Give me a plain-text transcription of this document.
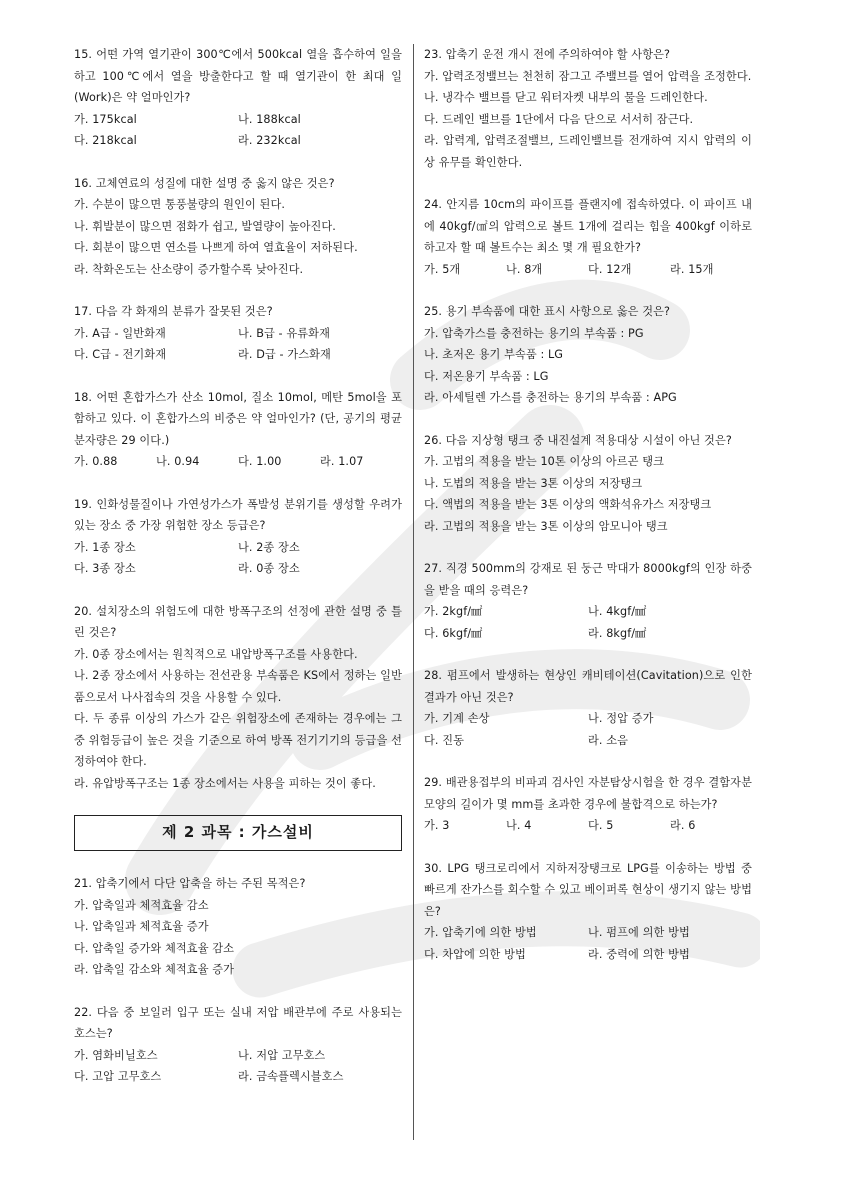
15. 어떤 가역 열기관이 300℃에서 500kcal 열을 흡수하여 일을 하고 100℃에서 열을 방출한다고 할 때 열기관이 한 최대 일(Work)은 약 얼마인가?
가. 175kcal	나. 188kcal
다. 218kcal	라. 232kcal
16. 고체연료의 성질에 대한 설명 중 옳지 않은 것은?
가. 수분이 많으면 통풍불량의 원인이 된다.
나. 휘발분이 많으면 점화가 쉽고, 발열량이 높아진다.
다. 회분이 많으면 연소를 나쁘게 하여 열효율이 저하된다.
라. 착화온도는 산소량이 증가할수록 낮아진다.
17. 다음 각 화재의 분류가 잘못된 것은?
가. A급 - 일반화재	나. B급 - 유류화재
다. C급 - 전기화재	라. D급 - 가스화재
18. 어떤 혼합가스가 산소 10mol, 질소 10mol, 메탄 5mol을 포함하고 있다. 이 혼합가스의 비중은 약 얼마인가? (단, 공기의 평균분자량은 29 이다.)
가. 0.88	나. 0.94	다. 1.00	라. 1.07
19. 인화성물질이나 가연성가스가 폭발성 분위기를 생성할 우려가 있는 장소 중 가장 위험한 장소 등급은?
가. 1종 장소	나. 2종 장소
다. 3종 장소	라. 0종 장소
20. 설치장소의 위험도에 대한 방폭구조의 선정에 관한 설명 중 틀린 것은?
가. 0종 장소에서는 원칙적으로 내압방폭구조를 사용한다.
나. 2종 장소에서 사용하는 전선관용 부속품은 KS에서 정하는 일반품으로서 나사접속의 것을 사용할 수 있다.
다. 두 종류 이상의 가스가 같은 위험장소에 존재하는 경우에는 그 중 위험등급이 높은 것을 기준으로 하여 방폭 전기기기의 등급을 선정하여야 한다.
라. 유압방폭구조는 1종 장소에서는 사용을 피하는 것이 좋다.
제 2 과목 : 가스설비
21. 압축기에서 다단 압축을 하는 주된 목적은?
가. 압축일과 체적효율 감소
나. 압축일과 체적효율 증가
다. 압축일 증가와 체적효율 감소
라. 압축일 감소와 체적효율 증가
22. 다음 중 보일러 입구 또는 실내 저압 배관부에 주로 사용되는 호스는?
가. 염화비닐호스	나. 저압 고무호스
다. 고압 고무호스	라. 금속플렉시블호스
23. 압축기 운전 개시 전에 주의하여야 할 사항은?
가. 압력조정밸브는 천천히 잠그고 주밸브를 열어 압력을 조정한다.
나. 냉각수 밸브를 닫고 워터자켓 내부의 물을 드레인한다.
다. 드레인 밸브를 1단에서 다음 단으로 서서히 잠근다.
라. 압력계, 압력조절밸브, 드레인밸브를 전개하여 지시 압력의 이상 유무를 확인한다.
24. 안지름 10cm의 파이프를 플랜지에 접속하였다. 이 파이프 내에 40kgf/㎠의 압력으로 볼트 1개에 걸리는 힘을 400kgf 이하로 하고자 할 때 볼트수는 최소 몇 개 필요한가?
가. 5개	나. 8개	다. 12개	라. 15개
25. 용기 부속품에 대한 표시 사항으로 옳은 것은?
가. 압축가스를 충전하는 용기의 부속품 : PG
나. 초저온 용기 부속품 : LG
다. 저온용기 부속품 : LG
라. 아세틸렌 가스를 충전하는 용기의 부속품 : APG
26. 다음 지상형 탱크 중 내진설계 적용대상 시설이 아닌 것은?
가. 고법의 적용을 받는 10톤 이상의 아르곤 탱크
나. 도법의 적용을 받는 3톤 이상의 저장탱크
다. 액법의 적용을 받는 3톤 이상의 액화석유가스 저장탱크
라. 고법의 적용을 받는 3톤 이상의 암모니아 탱크
27. 직경 500mm의 강재로 된 둥근 막대가 8000kgf의 인장 하중을 받을 때의 응력은?
가. 2kgf/㎟	나. 4kgf/㎟
다. 6kgf/㎟	라. 8kgf/㎟
28. 펌프에서 발생하는 현상인 캐비테이션(Cavitation)으로 인한 결과가 아닌 것은?
가. 기계 손상	나. 정압 증가
다. 진동	라. 소음
29. 배관용접부의 비파괴 검사인 자분탐상시험을 한 경우 결함자분모양의 길이가 몇 mm를 초과한 경우에 불합격으로 하는가?
가. 3	나. 4	다. 5	라. 6
30. LPG 탱크로리에서 지하저장탱크로 LPG를 이송하는 방법 중 빠르게 잔가스를 회수할 수 있고 베이퍼록 현상이 생기지 않는 방법은?
가. 압축기에 의한 방법	나. 펌프에 의한 방법
다. 차압에 의한 방법	라. 중력에 의한 방법
